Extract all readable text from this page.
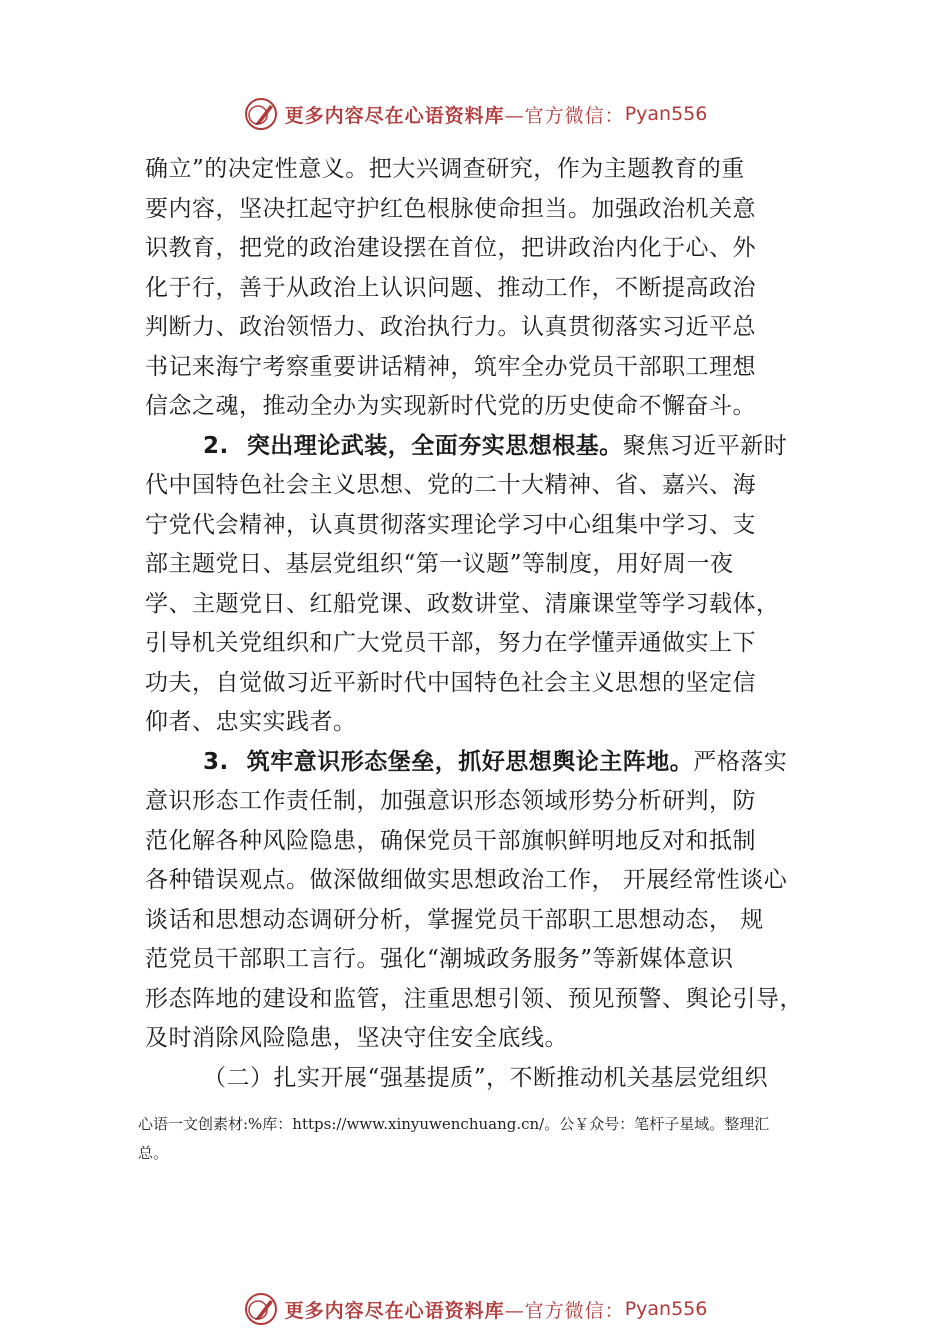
更多内容尽在心语资料库 —官方微信： Pyan556
确立”的决定性意义。把大兴调查研究，作为主题教育的重
要内容，坚决扛起守护红色根脉使命担当。加强政治机关意
识教育，把党的政治建设摆在首位，把讲政治内化于心、外
化于行，善于从政治上认识问题、推动工作，不断提高政治
判断力、政治领悟力、政治执行力。认真贯彻落实习近平总
书记来海宁考察重要讲话精神，筑牢全办党员干部职工理想
信念之魂，推动全办为实现新时代党的历史使命不懈奋斗。
2. 突出理论武装，全面夯实思想根基。聚焦习近平新时
代中国特色社会主义思想、党的二十大精神、省、嘉兴、海
宁党代会精神，认真贯彻落实理论学习中心组集中学习、支
部主题党日、基层党组织“第一议题”等制度，用好周一夜
学、主题党日、红船党课、政数讲堂、清廉课堂等学习载体，
引导机关党组织和广大党员干部，努力在学懂弄通做实上下
功夫，自觉做习近平新时代中国特色社会主义思想的坚定信
仰者、忠实实践者。
3. 筑牢意识形态堡垒，抓好思想舆论主阵地。严格落实
意识形态工作责任制，加强意识形态领域形势分析研判，防
范化解各种风险隐患，确保党员干部旗帜鲜明地反对和抵制
各种错误观点。做深做细做实思想政治工作， 开展经常性谈心
谈话和思想动态调研分析，掌握党员干部职工思想动态， 规
范党员干部职工言行。强化“潮城政务服务”等新媒体意识
形态阵地的建设和监管，注重思想引领、预见预警、舆论引导，
及时消除风险隐患，坚决守住安全底线。
（二）扎实开展“强基提质”，不断推动机关基层党组织
心语一文创素材:%库：https://www.xinyuwenchuang.cn/。公￥众号：笔杆子星域。整理汇
总。
更多内容尽在心语资料库 —官方微信： Pyan556
